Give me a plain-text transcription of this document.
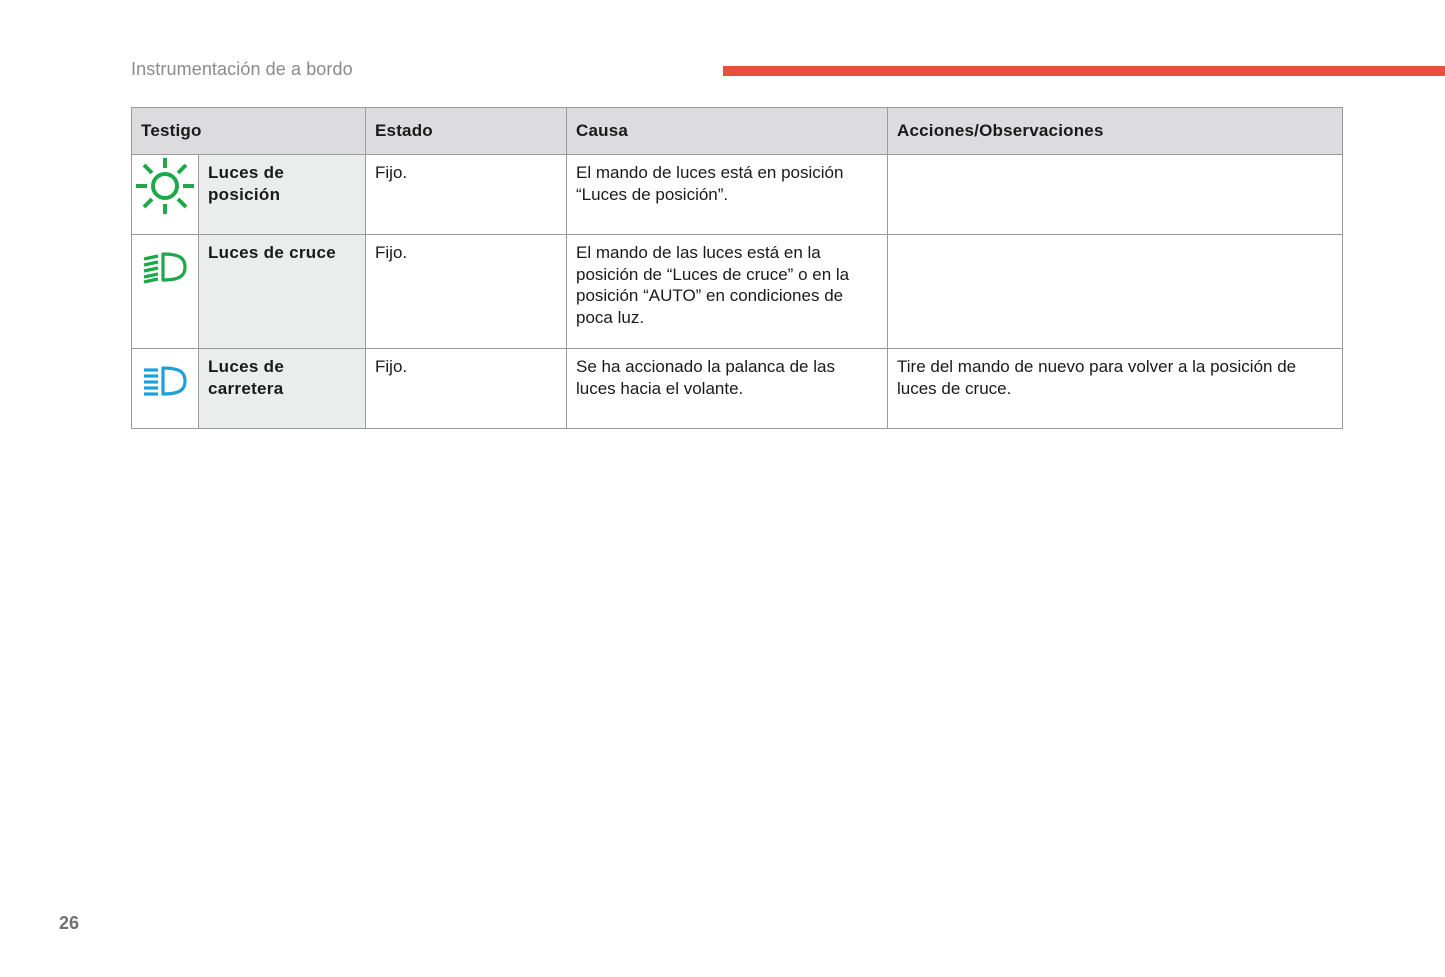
Instrumentación de a bordo
Testigo		Estado	Causa	Acciones/Observaciones

Luces de posición	Fijo.	El mando de luces está en posición “Luces de posición”.	

Luces de cruce	Fijo.	El mando de las luces está en la posición de “Luces de cruce” o en la posición “AUTO” en condiciones de poca luz.	

Luces de carretera	Fijo.	Se ha accionado la palanca de las luces hacia el volante.	Tire del mando de nuevo para volver a la posición de luces de cruce.
26
